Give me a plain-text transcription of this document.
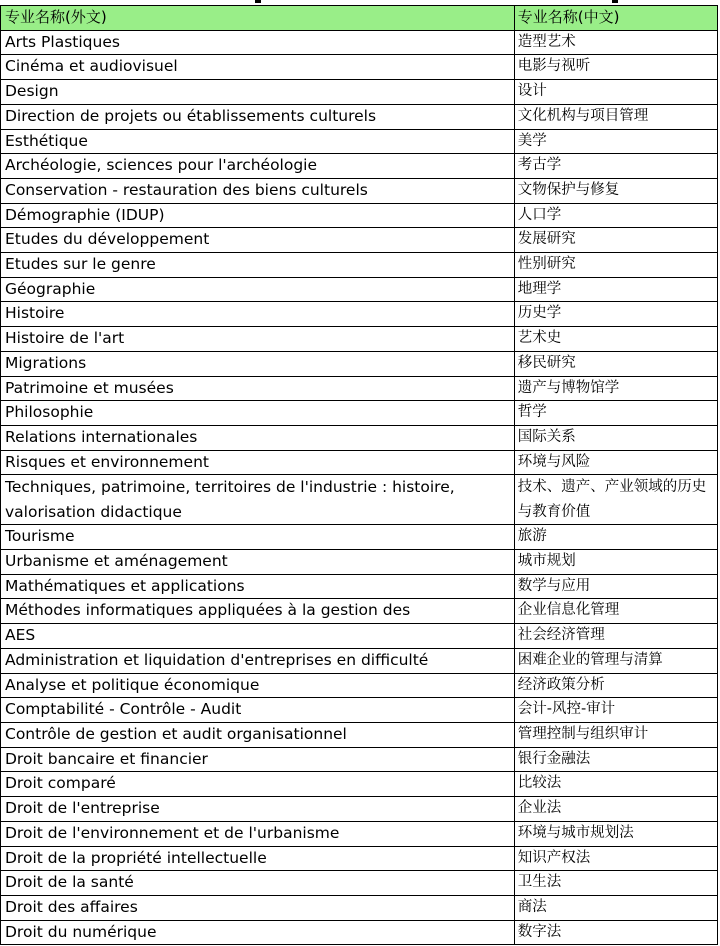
专业名称(外文)	专业名称(中文)
Arts Plastiques	造型艺术
Cinéma et audiovisuel	电影与视听
Design	设计
Direction de projets ou établissements culturels	文化机构与项目管理
Esthétique	美学
Archéologie, sciences pour l'archéologie	考古学
Conservation - restauration des biens culturels	文物保护与修复
Démographie (IDUP)	人口学
Etudes du développement	发展研究
Etudes sur le genre	性别研究
Géographie	地理学
Histoire	历史学
Histoire de l'art	艺术史
Migrations	移民研究
Patrimoine et musées	遗产与博物馆学
Philosophie	哲学
Relations internationales	国际关系
Risques et environnement	环境与风险
Techniques, patrimoine, territoires de l'industrie : histoire, valorisation didactique	技术、遗产、产业领域的历史与教育价值
Tourisme	旅游
Urbanisme et aménagement	城市规划
Mathématiques et applications	数学与应用
Méthodes informatiques appliquées à la gestion des	企业信息化管理
AES	社会经济管理
Administration et liquidation d'entreprises en difficulté	困难企业的管理与清算
Analyse et politique économique	经济政策分析
Comptabilité - Contrôle - Audit	会计-风控-审计
Contrôle de gestion et audit organisationnel	管理控制与组织审计
Droit bancaire et financier	银行金融法
Droit comparé	比较法
Droit de l'entreprise	企业法
Droit de l'environnement et de l'urbanisme	环境与城市规划法
Droit de la propriété intellectuelle	知识产权法
Droit de la santé	卫生法
Droit des affaires	商法
Droit du numérique	数字法
